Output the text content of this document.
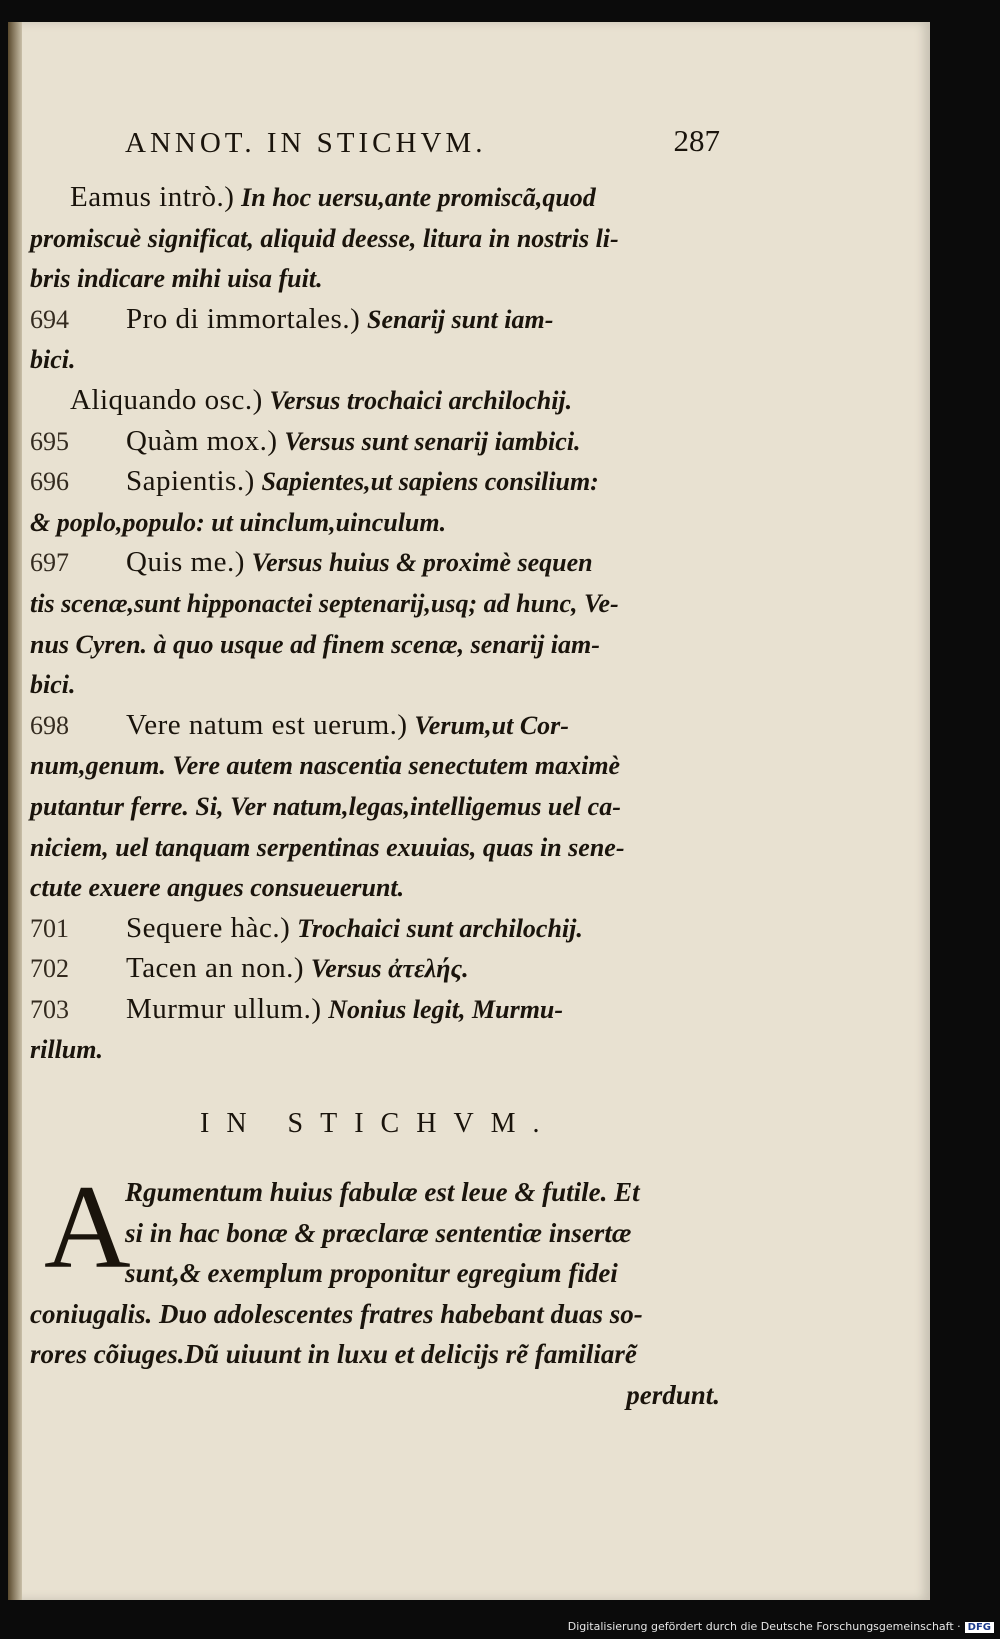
ANNOT. IN STICHVM.	287
Eamus intrò.) In hoc uersu,ante promiscã,quod
promiscuè significat, aliquid deesse, litura in nostris li-
bris indicare mihi uisa fuit.
694 Pro di immortales.) Senarij sunt iam-
bici.
Aliquando osc.) Versus trochaici archilochij.
695 Quàm mox.) Versus sunt senarij iambici.
696 Sapientis.) Sapientes,ut sapiens consilium:
& poplo,populo: ut uinclum,uinculum.
697 Quis me.) Versus huius & proximè sequen
tis scenæ,sunt hipponactei septenarij,usq; ad hunc, Ve-
nus Cyren. à quo usque ad finem scenæ, senarij iam-
bici.
698 Vere natum est uerum.) Verum,ut Cor-
num,genum. Vere autem nascentia senectutem maximè
putantur ferre. Si, Ver natum,legas,intelligemus uel ca-
niciem, uel tanquam serpentinas exuuias, quas in sene-
ctute exuere angues consueuerunt.
701 Sequere hàc.) Trochaici sunt archilochij.
702 Tacen an non.) Versus ἀτελής.
703 Murmur ullum.) Nonius legit, Murmu-
rillum.
IN STICHVM.
A
Rgumentum huius fabulæ est leue & futile. Et
si in hac bonæ & præclaræ sententiæ insertæ
sunt,& exemplum proponitur egregium fidei
coniugalis. Duo adolescentes fratres habebant duas so-
rores cõiuges.Dũ uiuunt in luxu et delicijs rẽ familiarẽ
perdunt.
Digitalisierung gefördert durch die Deutsche Forschungsgemeinschaft · DFG
